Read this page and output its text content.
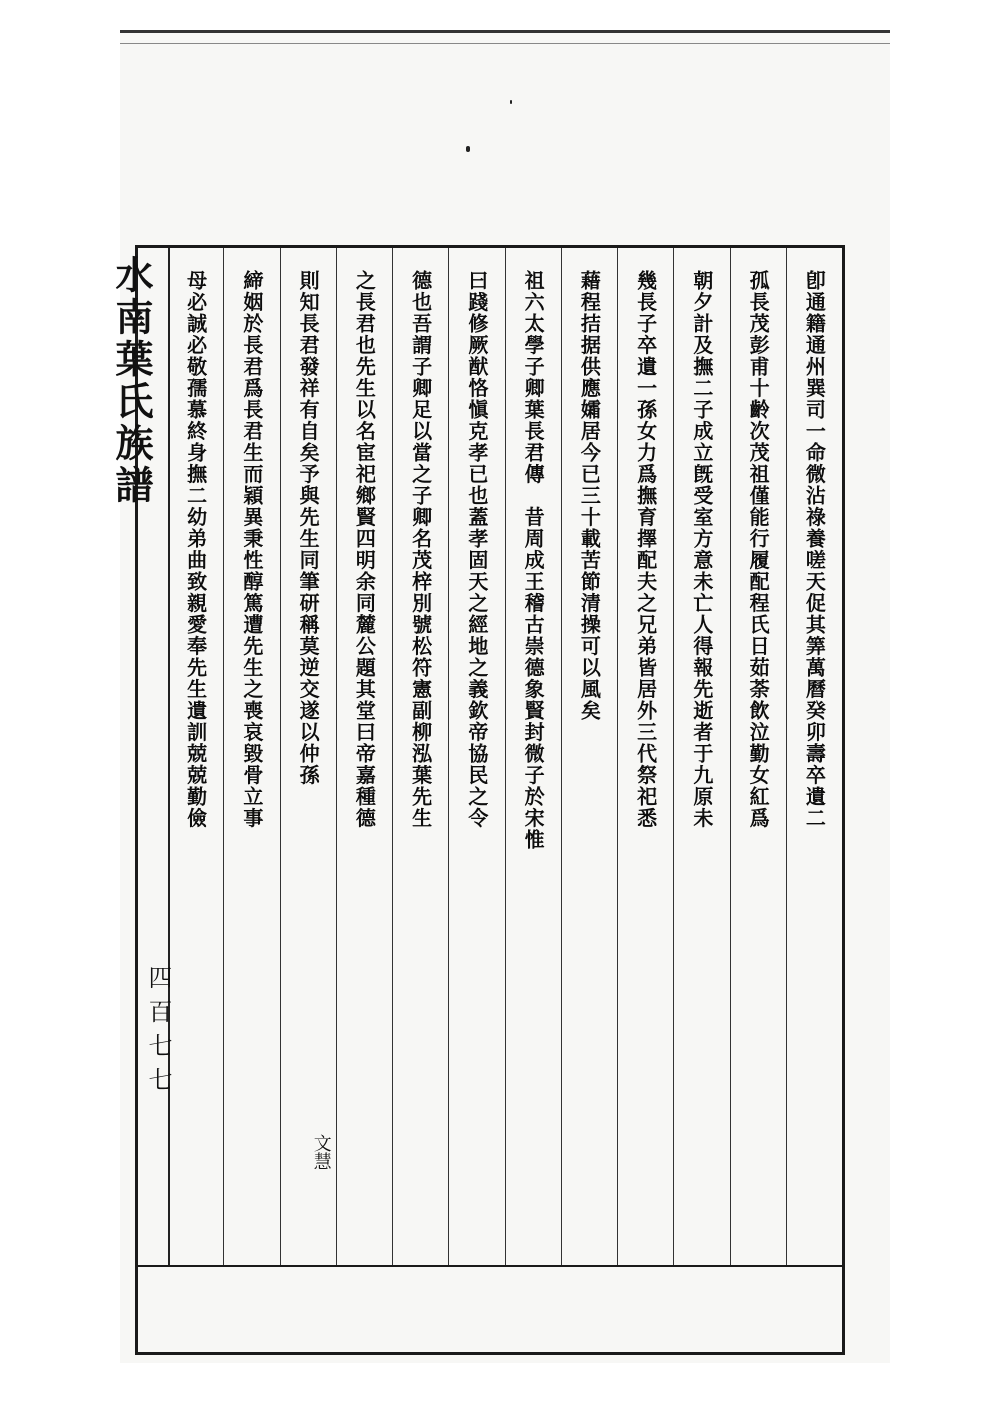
水南葉氏族譜
四百七七
卽通籍通州巽司一命微沾祿養嗟天促其筭萬曆癸卯壽卒遺二
孤長茂彭甫十齡次茂祖僅能行履配程氏日茹荼飲泣勤女紅爲
朝夕計及撫二子成立旣受室方意未亡人得報先逝者于九原未
幾長子卒遺一孫女力爲撫育擇配夫之兄弟皆居外三代祭祀悉
藉程拮据供應孀居今已三十載苦節清操可以風矣
祖六太學子卿葉長君傳　昔周成王稽古崇德象賢封微子於宋惟
曰踐修厥猷恪愼克孝已也蓋孝固天之經地之義欽帝協民之令
德也吾謂子卿足以當之子卿名茂梓別號松符憲副柳泓葉先生
之長君也先生以名宦祀鄉賢四明余同麓公題其堂曰帝嘉種德
則知長君發祥有自矣予與先生同筆研稱莫逆交遂以仲孫
文慧
締姻於長君爲長君生而穎異秉性醇篤遭先生之喪哀毀骨立事
母必誠必敬孺慕終身撫二幼弟曲致親愛奉先生遺訓兢兢勤儉
